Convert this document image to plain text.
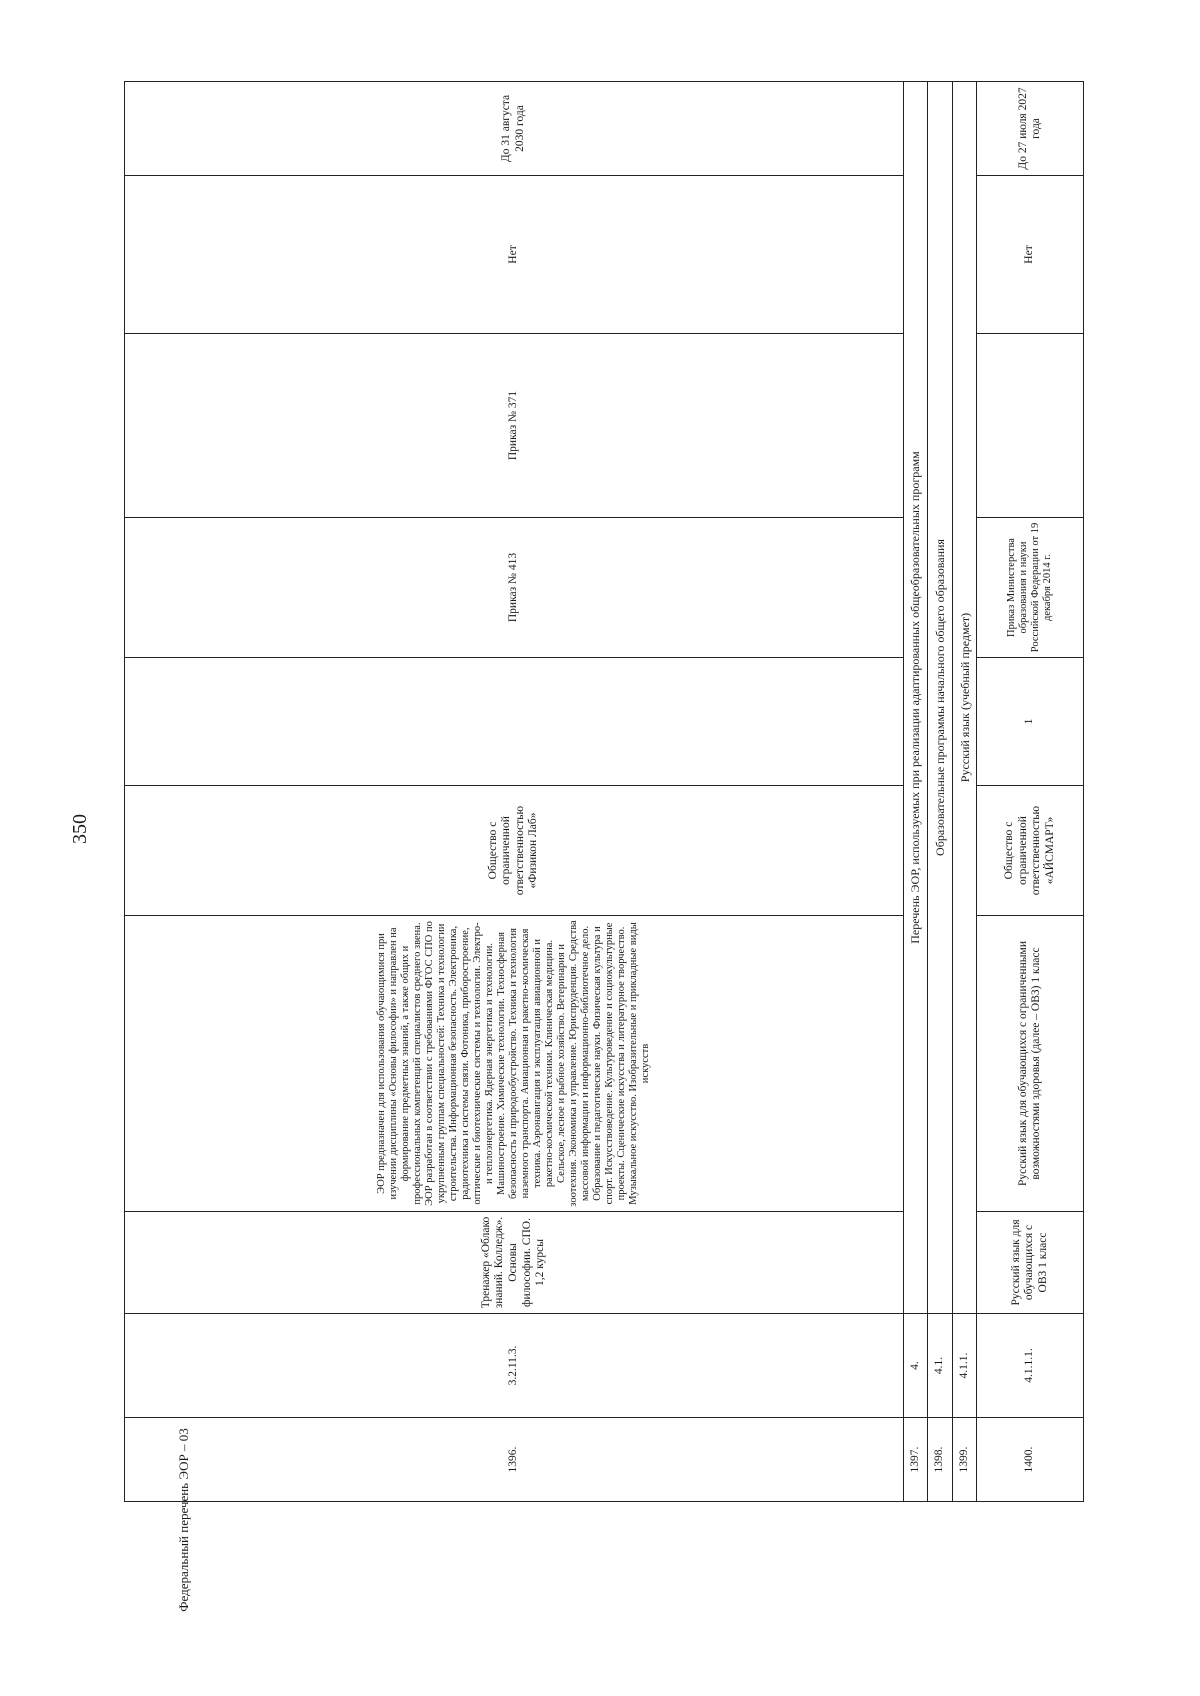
350
1396.	3.2.11.3.	Тренажер «Облако знаний. Колледж». Основы философии. СПО. 1,2 курсы	ЭОР предназначен для использования обучающимися при изучении дисциплины «Основы философии» и направлен на формирование предметных знаний, а также общих и профессиональных компетенций специалистов среднего звена. ЭОР разработан в соответствии с требованиями ФГОС СПО по укрупненным группам специальностей: Техника и технологии строительства. Информационная безопасность. Электроника, радиотехника и системы связи. Фотоника, приборостроение, оптические и биотехнические системы и технологии. Электро- и теплоэнергетика. Ядерная энергетика и технологии. Машиностроение. Химические технологии. Техносферная безопасность и природообустройство. Техника и технология наземного транспорта. Авиационная и ракетно-космическая техника. Аэронавигация и эксплуатация авиационной и ракетно-космической техники. Клиническая медицина. Сельское, лесное и рыбное хозяйство. Ветеринария и зоотехния. Экономика и управление. Юриспруденция. Средства массовой информации и информационно-библиотечное дело. Образование и педагогические науки. Физическая культура и спорт. Искусствоведение. Культуроведение и социокультурные проекты. Сценические искусства и литературное творчество. Музыкальное искусство. Изобразительные и прикладные виды искусств	Общество с ограниченной ответственностью «Физикон Лаб»		Приказ № 413	Приказ № 371	Нет	До 31 августа 2030 года
1397.	4.	Перечень ЭОР, используемых при реализации адаптированных общеобразовательных программ							
1398.	4.1.	Образовательные программы начального общего образования							
1399.	4.1.1.	Русский язык (учебный предмет)							
1400.	4.1.1.1.	Русский язык для обучающихся с ОВЗ 1 класс	Русский язык для обучающихся с ограниченными возможностями здоровья (далее – ОВЗ) 1 класс	Общество с ограниченной ответственностью «АЙСМАРТ»	1	Приказ Министерства образования и науки Российской Федерации от 19 декабря 2014 г.		Нет	До 27 июля 2027 года
Федеральный перечень ЭОР – 03
